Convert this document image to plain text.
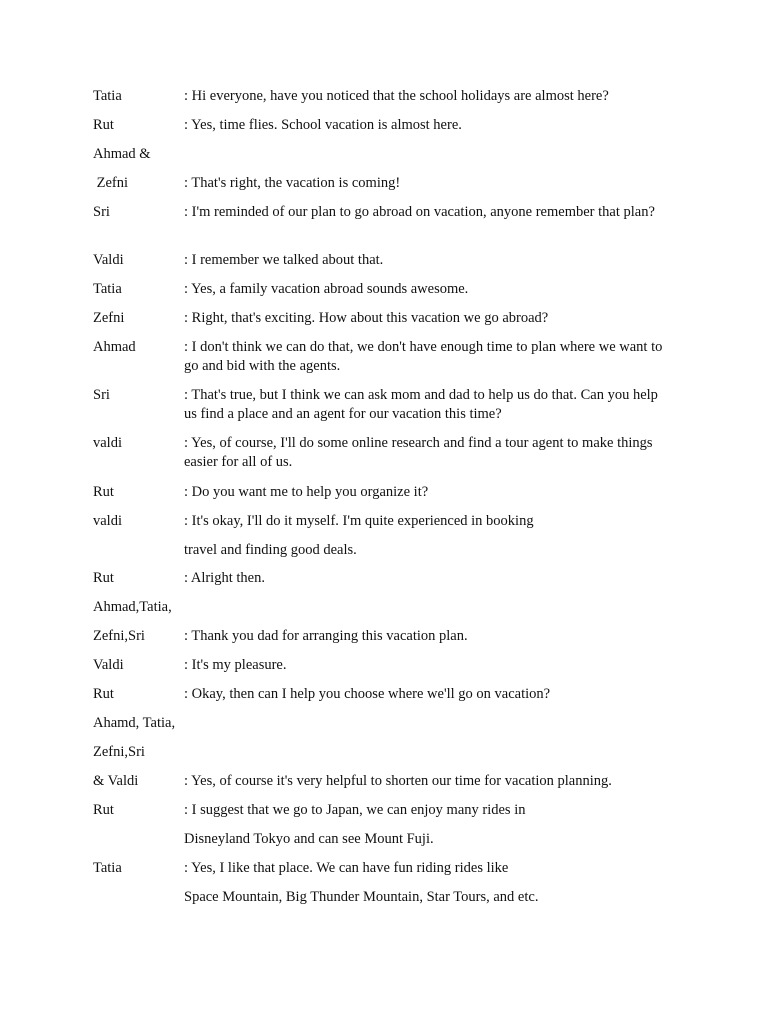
Tatia	: Hi everyone, have you noticed that the school holidays are almost here?
Rut	: Yes, time flies. School vacation is almost here.
Ahmad &
Zefni	: That's right, the vacation is coming!
Sri	: I'm reminded of our plan to go abroad on vacation, anyone remember that plan?
Valdi	: I remember we talked about that.
Tatia	: Yes, a family vacation abroad sounds awesome.
Zefni	: Right, that's exciting. How about this vacation we go abroad?
Ahmad	: I don't think we can do that, we don't have enough time to plan where we want to go and bid with the agents.
Sri	: That's true, but I think we can ask mom and dad to help us do that. Can you help us find a place and an agent for our vacation this time?
valdi	: Yes, of course, I'll do some online research and find a tour agent to make things easier for all of us.
Rut	: Do you want me to help you organize it?
valdi	: It's okay, I'll do it myself. I'm quite experienced in booking
travel and finding good deals.
Rut	: Alright then.
Ahmad,Tatia,
Zefni,Sri	: Thank you dad for arranging this vacation plan.
Valdi	: It's my pleasure.
Rut	: Okay, then can I help you choose where we'll go on vacation?
Ahamd, Tatia,
Zefni,Sri
& Valdi	: Yes, of course it's very helpful to shorten our time for vacation planning.
Rut	: I suggest that we go to Japan, we can enjoy many rides in
Disneyland Tokyo and can see Mount Fuji.
Tatia	: Yes, I like that place. We can have fun riding rides like
Space Mountain, Big Thunder Mountain, Star Tours, and etc.
